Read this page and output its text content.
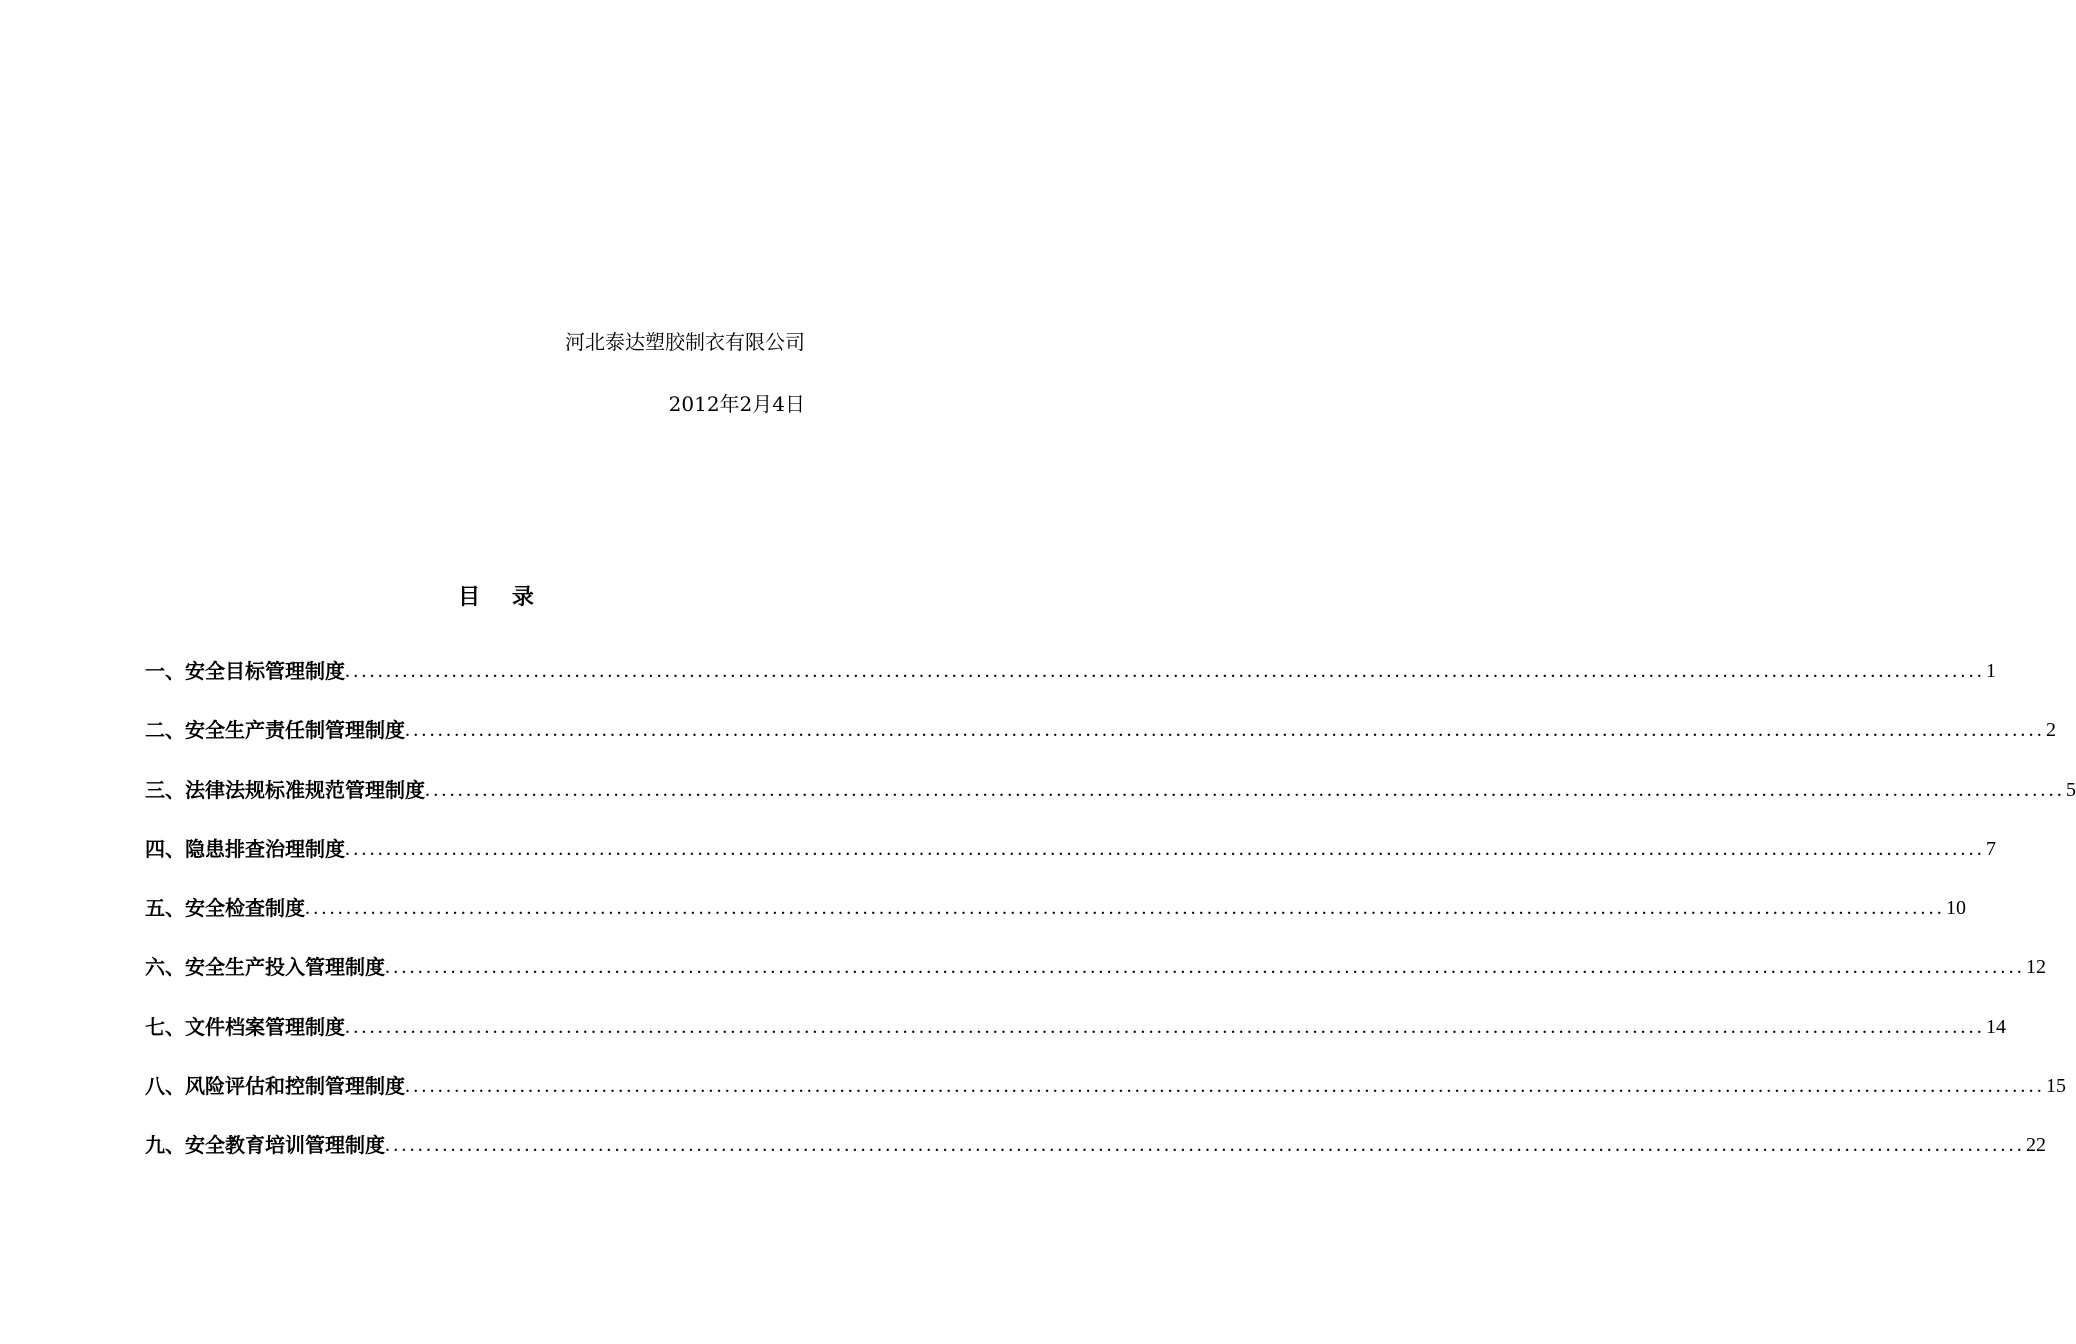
河北泰达塑胶制衣有限公司
2012年2月4日
目 录
一、安全目标管理制度 ........................................................................................................................................................................................................ 1
二、安全生产责任制管理制度 ........................................................................................................................................................................................................ 2
三、法律法规标准规范管理制度 ........................................................................................................................................................................................................ 5
四、隐患排查治理制度 ........................................................................................................................................................................................................ 7
五、安全检查制度 ........................................................................................................................................................................................................ 10
六、安全生产投入管理制度 ........................................................................................................................................................................................................ 12
七、文件档案管理制度 ........................................................................................................................................................................................................ 14
八、风险评估和控制管理制度 ........................................................................................................................................................................................................ 15
九、安全教育培训管理制度 ........................................................................................................................................................................................................ 22
